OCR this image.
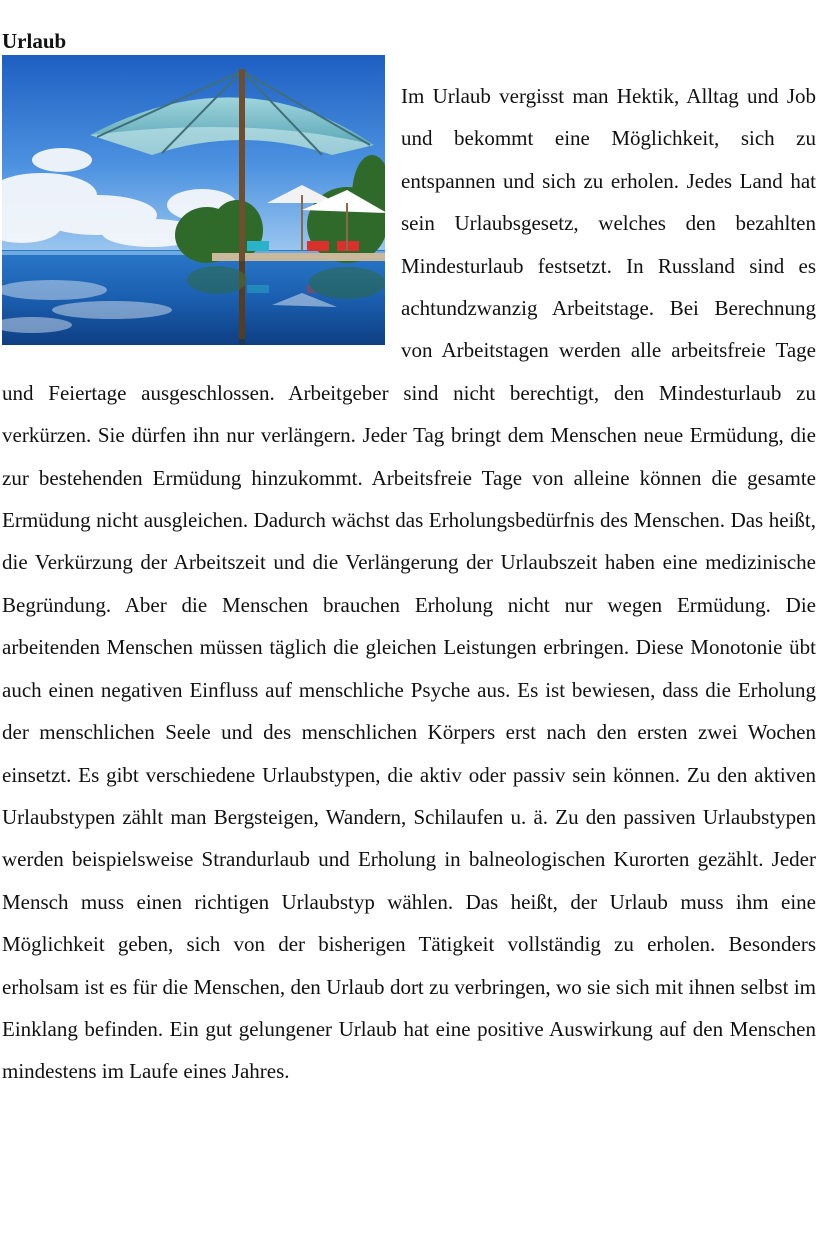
Urlaub

Im Urlaub vergisst man Hektik, Alltag und Job und bekommt eine Möglichkeit, sich zu entspannen und sich zu erholen. Jedes Land hat sein Urlaubsgesetz, welches den bezahlten Mindesturlaub festsetzt. In Russland sind es achtundzwanzig Arbeitstage. Bei Berechnung von Arbeitstagen werden alle arbeitsfreie Tage und Feiertage ausgeschlossen. Arbeitgeber sind nicht berechtigt, den Mindesturlaub zu verkürzen. Sie dürfen ihn nur verlängern. Jeder Tag bringt dem Menschen neue Ermüdung, die zur bestehenden Ermüdung hinzukommt. Arbeitsfreie Tage von alleine können die gesamte Ermüdung nicht ausgleichen. Dadurch wächst das Erholungsbedürfnis des Menschen. Das heißt, die Verkürzung der Arbeitszeit und die Verlängerung der Urlaubszeit haben eine medizinische Begründung. Aber die Menschen brauchen Erholung nicht nur wegen Ermüdung. Die arbeitenden Menschen müssen täglich die gleichen Leistungen erbringen. Diese Monotonie übt auch einen negativen Einfluss auf menschliche Psyche aus. Es ist bewiesen, dass die Erholung der menschlichen Seele und des menschlichen Körpers erst nach den ersten zwei Wochen einsetzt. Es gibt verschiedene Urlaubstypen, die aktiv oder passiv sein können. Zu den aktiven Urlaubstypen zählt man Bergsteigen, Wandern, Schilaufen u. ä. Zu den passiven Urlaubstypen werden beispielsweise Strandurlaub und Erholung in balneologischen Kurorten gezählt. Jeder Mensch muss einen richtigen Urlaubstyp wählen. Das heißt, der Urlaub muss ihm eine Möglichkeit geben, sich von der bisherigen Tätigkeit vollständig zu erholen. Besonders erholsam ist es für die Menschen, den Urlaub dort zu verbringen, wo sie sich mit ihnen selbst im Einklang befinden. Ein gut gelungener Urlaub hat eine positive Auswirkung auf den Menschen mindestens im Laufe eines Jahres.
